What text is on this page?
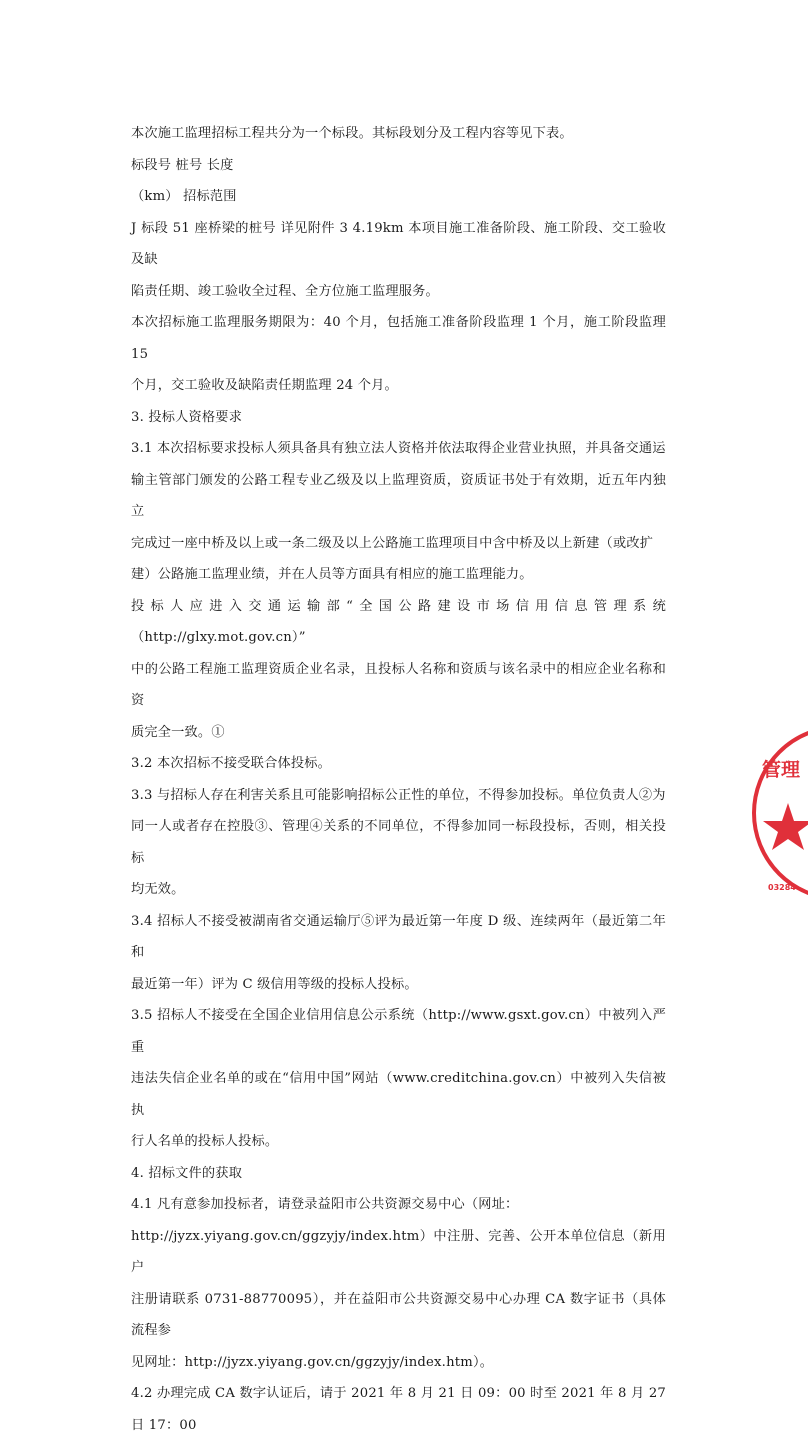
本次施工监理招标工程共分为一个标段。其标段划分及工程内容等见下表。

标段号 桩号 长度

（km） 招标范围

J 标段 51 座桥梁的桩号 详见附件 3 4.19km 本项目施工准备阶段、施工阶段、交工验收及缺
陷责任期、竣工验收全过程、全方位施工监理服务。

本次招标施工监理服务期限为：40 个月，包括施工准备阶段监理 1 个月，施工阶段监理 15
个月，交工验收及缺陷责任期监理 24 个月。

3. 投标人资格要求

3.1 本次招标要求投标人须具备具有独立法人资格并依法取得企业营业执照，并具备交通运
输主管部门颁发的公路工程专业乙级及以上监理资质，资质证书处于有效期，近五年内独立
完成过一座中桥及以上或一条二级及以上公路施工监理项目中含中桥及以上新建（或改扩
建）公路施工监理业绩，并在人员等方面具有相应的施工监理能力。

投标人应进入交通运输部“全国公路建设市场信用信息管理系统（http://glxy.mot.gov.cn）”
中的公路工程施工监理资质企业名录，且投标人名称和资质与该名录中的相应企业名称和资
质完全一致。①

3.2 本次招标不接受联合体投标。

3.3 与招标人存在利害关系且可能影响招标公正性的单位，不得参加投标。单位负责人②为
同一人或者存在控股③、管理④关系的不同单位，不得参加同一标段投标，否则，相关投标
均无效。

3.4 招标人不接受被湖南省交通运输厅⑤评为最近第一年度 D 级、连续两年（最近第二年和
最近第一年）评为 C 级信用等级的投标人投标。

3.5 招标人不接受在全国企业信用信息公示系统（http://www.gsxt.gov.cn）中被列入严重
违法失信企业名单的或在“信用中国”网站（www.creditchina.gov.cn）中被列入失信被执
行人名单的投标人投标。

4. 招标文件的获取

4.1 凡有意参加投标者，请登录益阳市公共资源交易中心（网址：
http://jyzx.yiyang.gov.cn/ggzyjy/index.htm）中注册、完善、公开本单位信息（新用户
注册请联系 0731-88770095），并在益阳市公共资源交易中心办理 CA 数字证书（具体流程参
见网址：http://jyzx.yiyang.gov.cn/ggzyjy/index.htm）。

4.2 办理完成 CA 数字认证后，请于 2021 年 8 月 21 日 09：00 时至 2021 年 8 月 27 日 17：00

管理
03284
